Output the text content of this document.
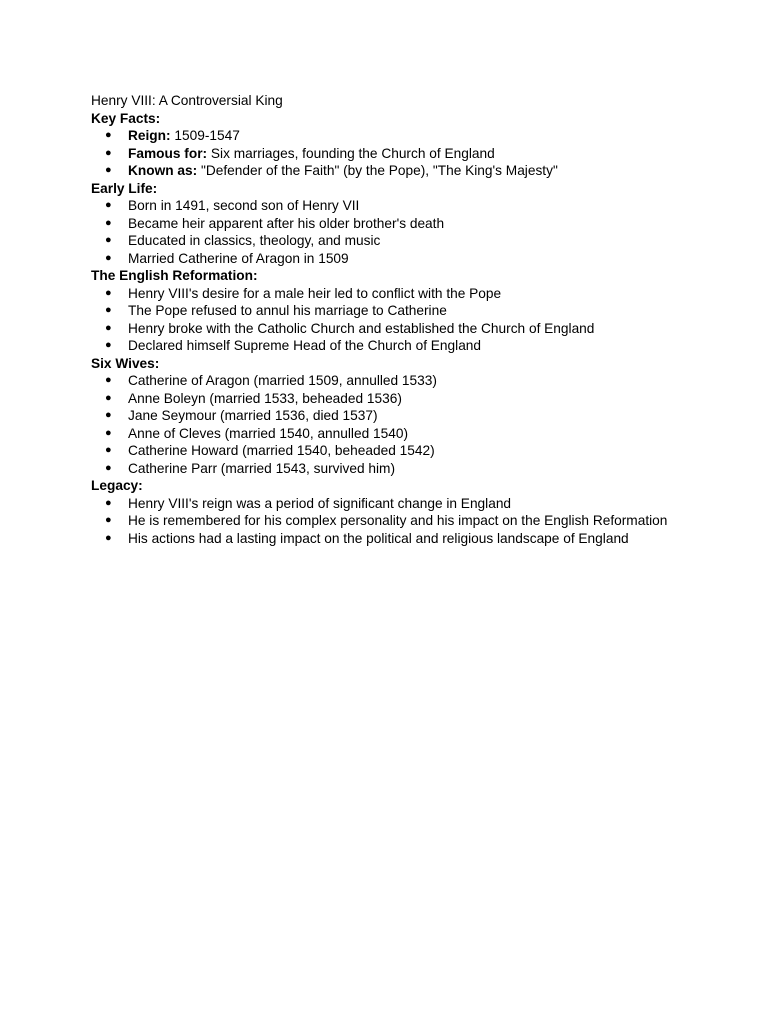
Henry VIII: A Controversial King

Key Facts:

● Reign: 1509-1547
● Famous for: Six marriages, founding the Church of England
● Known as: "Defender of the Faith" (by the Pope), "The King's Majesty"

Early Life:

● Born in 1491, second son of Henry VII
● Became heir apparent after his older brother's death
● Educated in classics, theology, and music
● Married Catherine of Aragon in 1509

The English Reformation:

● Henry VIII's desire for a male heir led to conflict with the Pope
● The Pope refused to annul his marriage to Catherine
● Henry broke with the Catholic Church and established the Church of England
● Declared himself Supreme Head of the Church of England

Six Wives:

● Catherine of Aragon (married 1509, annulled 1533)
● Anne Boleyn (married 1533, beheaded 1536)
● Jane Seymour (married 1536, died 1537)
● Anne of Cleves (married 1540, annulled 1540)
● Catherine Howard (married 1540, beheaded 1542)
● Catherine Parr (married 1543, survived him)

Legacy:

● Henry VIII's reign was a period of significant change in England
● He is remembered for his complex personality and his impact on the English Reformation
● His actions had a lasting impact on the political and religious landscape of England
